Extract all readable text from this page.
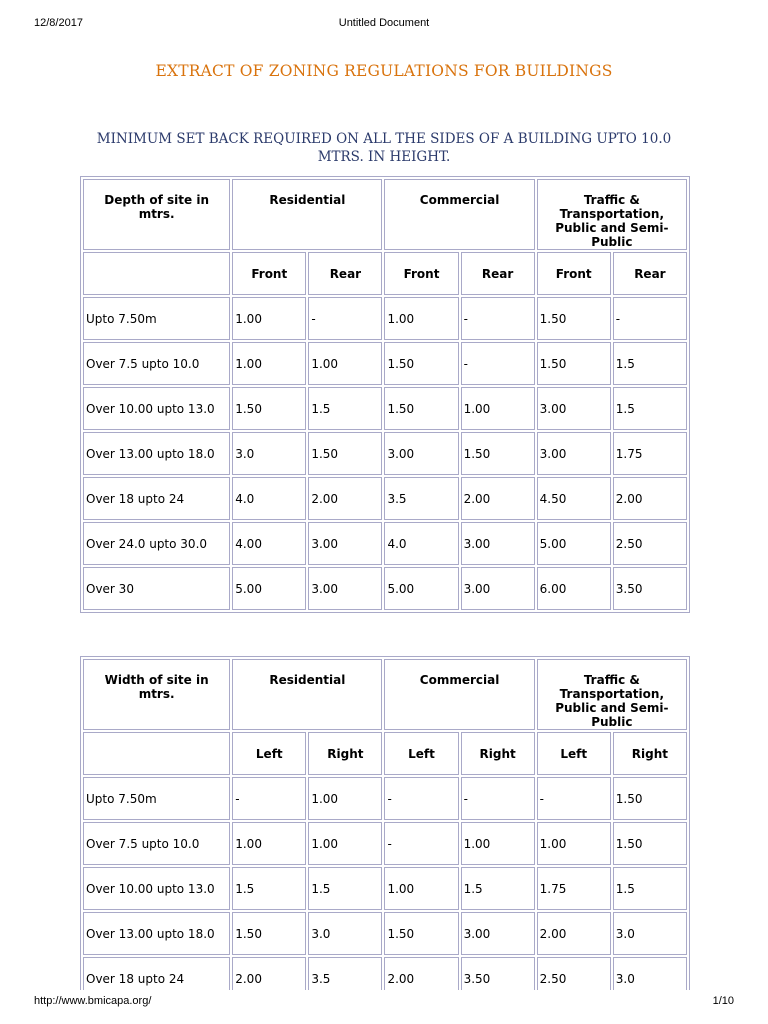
12/8/2017	Untitled Document
EXTRACT OF ZONING REGULATIONS FOR BUILDINGS
MINIMUM SET BACK REQUIRED ON ALL THE SIDES OF A BUILDING UPTO 10.0
MTRS. IN HEIGHT.
Depth of site in mtrs.	Residential		Commercial		Traffic & Transportation, Public and Semi-Public	
	Front	Rear	Front	Rear	Front	Rear
Upto 7.50m	1.00	-	1.00	-	1.50	-
Over 7.5 upto 10.0	1.00	1.00	1.50	-	1.50	1.5
Over 10.00 upto 13.0	1.50	1.5	1.50	1.00	3.00	1.5
Over 13.00 upto 18.0	3.0	1.50	3.00	1.50	3.00	1.75
Over 18 upto 24	4.0	2.00	3.5	2.00	4.50	2.00
Over 24.0 upto 30.0	4.00	3.00	4.0	3.00	5.00	2.50
Over 30	5.00	3.00	5.00	3.00	6.00	3.50
Width of site in mtrs.	Residential		Commercial		Traffic & Transportation, Public and Semi-Public	
	Left	Right	Left	Right	Left	Right
Upto 7.50m	-	1.00	-	-	-	1.50
Over 7.5 upto 10.0	1.00	1.00	-	1.00	1.00	1.50
Over 10.00 upto 13.0	1.5	1.5	1.00	1.5	1.75	1.5
Over 13.00 upto 18.0	1.50	3.0	1.50	3.00	2.00	3.0
Over 18 upto 24	2.00	3.5	2.00	3.50	2.50	3.0
http://www.bmicapa.org/	1/10
